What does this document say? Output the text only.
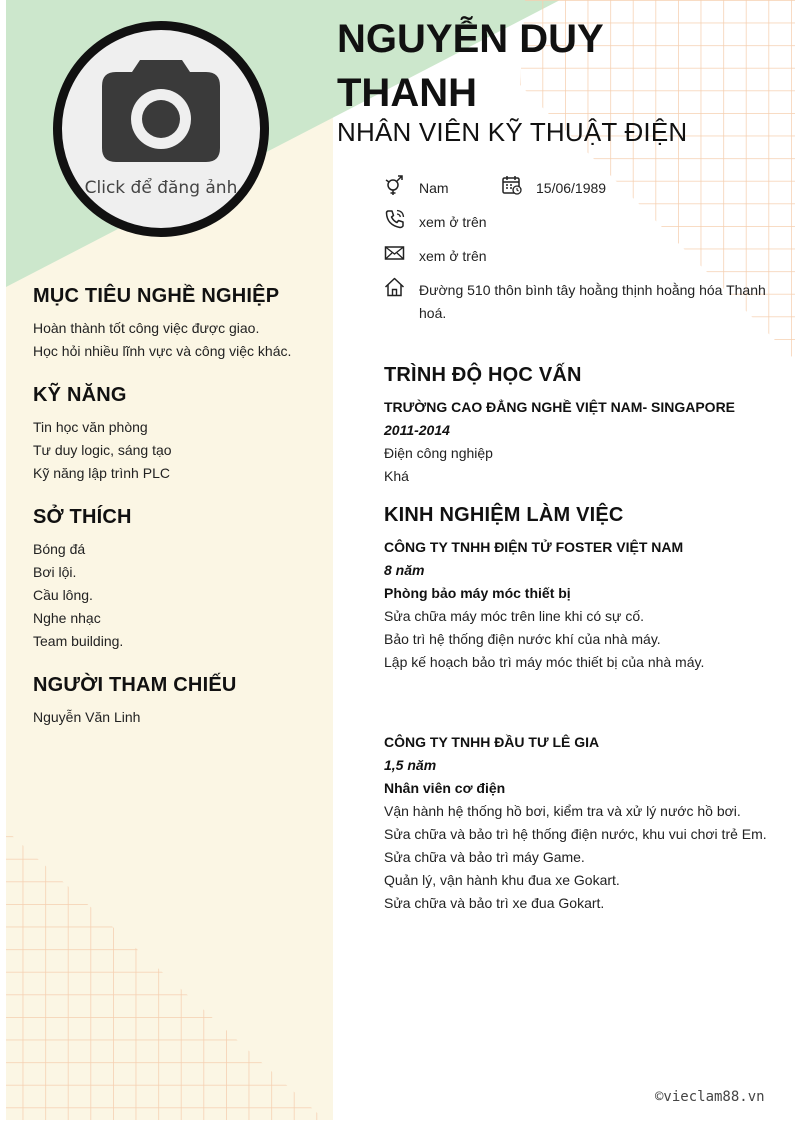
Click để đăng ảnh
NGUYỄN DUY
THANH
NHÂN VIÊN KỸ THUẬT ĐIỆN
Nam	15/06/1989
xem ở trên
xem ở trên
Đường 510 thôn bình tây hoằng thịnh hoằng hóa Thanh
hoá.
MỤC TIÊU NGHỀ NGHIỆP
Hoàn thành tốt công việc được giao.
Học hỏi nhiều lĩnh vực và công việc khác.
KỸ NĂNG
Tin học văn phòng
Tư duy logic, sáng tạo
Kỹ năng lập trình PLC
SỞ THÍCH
Bóng đá
Bơi lội.
Cầu lông.
Nghe nhạc
Team building.
NGƯỜI THAM CHIẾU
Nguyễn Văn Linh
TRÌNH ĐỘ HỌC VẤN
TRƯỜNG CAO ĐẲNG NGHỀ VIỆT NAM- SINGAPORE
2011-2014
Điện công nghiệp
Khá
KINH NGHIỆM LÀM VIỆC
CÔNG TY TNHH ĐIỆN TỬ FOSTER VIỆT NAM
8 năm
Phòng bảo máy móc thiết bị
Sửa chữa máy móc trên line khi có sự cố.
Bảo trì hệ thống điện nước khí của nhà máy.
Lập kế hoạch bảo trì máy móc thiết bị của nhà máy.
CÔNG TY TNHH ĐẦU TƯ LÊ GIA
1,5 năm
Nhân viên cơ điện
Vận hành hệ thống hồ bơi, kiểm tra và xử lý nước hồ bơi.
Sửa chữa và bảo trì hệ thống điện nước, khu vui chơi trẻ Em.
Sửa chữa và bảo trì máy Game.
Quản lý, vận hành khu đua xe Gokart.
Sửa chữa và bảo trì xe đua Gokart.
©vieclam88.vn
